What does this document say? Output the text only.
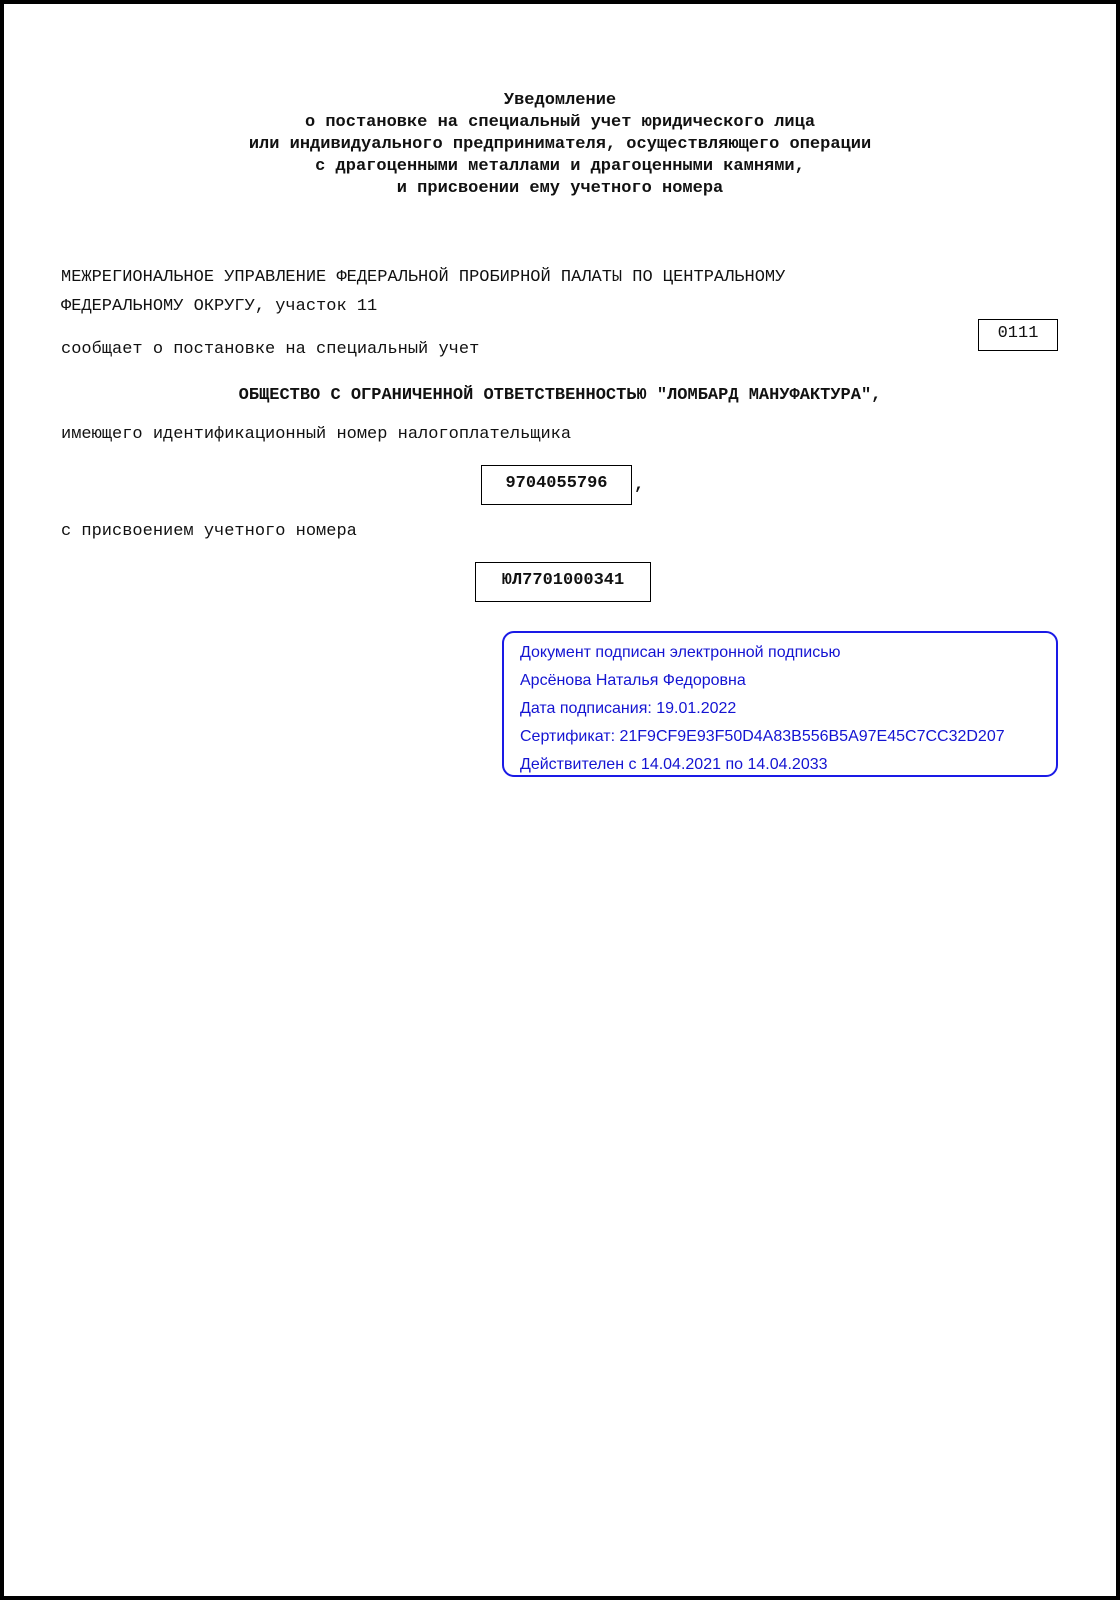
Уведомление
о постановке на специальный учет юридического лица
или индивидуального предпринимателя, осуществляющего операции
с драгоценными металлами и драгоценными камнями,
и присвоении ему учетного номера
МЕЖРЕГИОНАЛЬНОЕ УПРАВЛЕНИЕ ФЕДЕРАЛЬНОЙ ПРОБИРНОЙ ПАЛАТЫ ПО ЦЕНТРАЛЬНОМУ
ФЕДЕРАЛЬНОМУ ОКРУГУ, участок 11
0111
сообщает о постановке на специальный учет
ОБЩЕСТВО С ОГРАНИЧЕННОЙ ОТВЕТСТВЕННОСТЬЮ "ЛОМБАРД МАНУФАКТУРА",
имеющего идентификационный номер налогоплательщика
9704055796	,
с присвоением учетного номера
ЮЛ7701000341
Документ подписан электронной подписью
Арсёнова Наталья Федоровна
Дата подписания: 19.01.2022
Сертификат: 21F9CF9E93F50D4A83B556B5A97E45C7CC32D207
Действителен с 14.04.2021 по 14.04.2033
